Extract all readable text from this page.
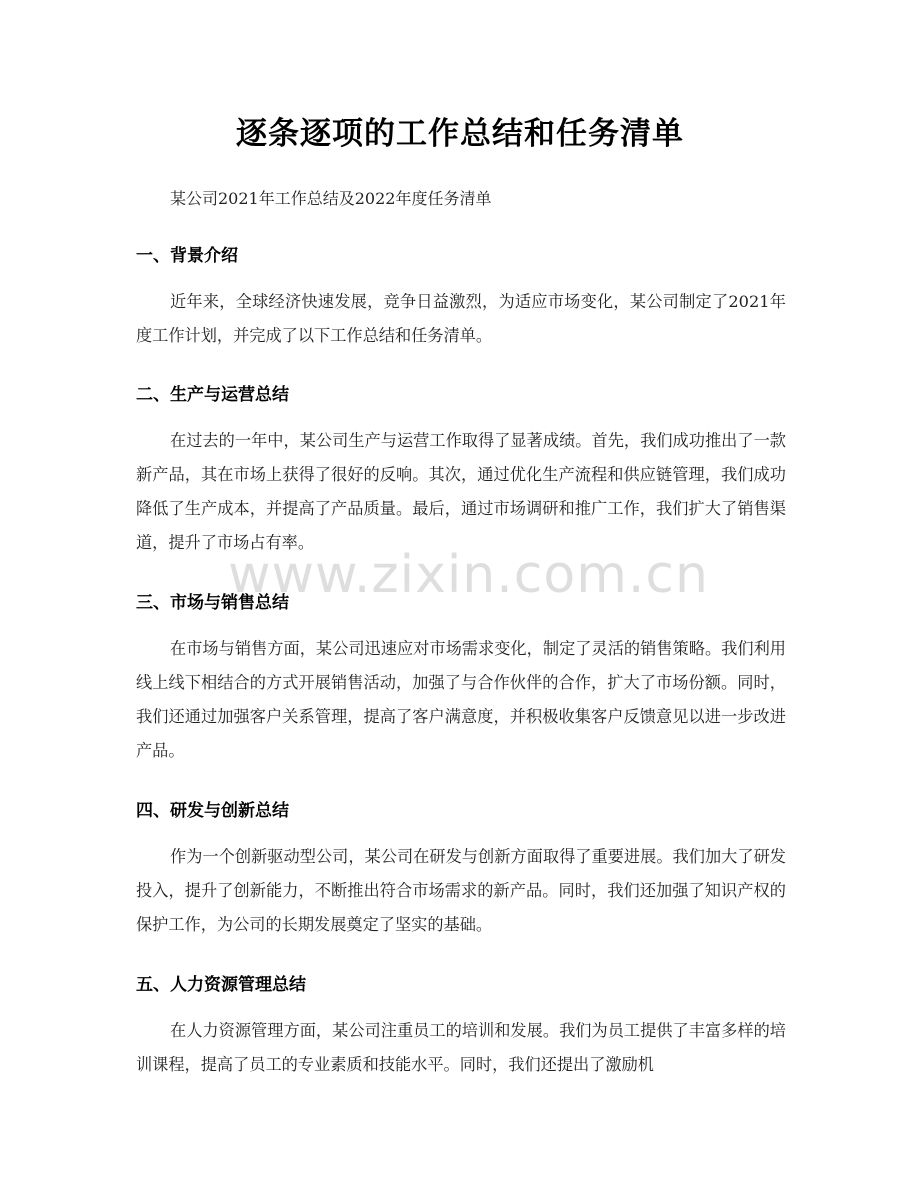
逐条逐项的工作总结和任务清单

某公司2021年工作总结及2022年度任务清单

一、背景介绍

近年来，全球经济快速发展，竞争日益激烈，为适应市场变化，某公司制定了2021年度工作计划，并完成了以下工作总结和任务清单。

二、生产与运营总结

在过去的一年中，某公司生产与运营工作取得了显著成绩。首先，我们成功推出了一款新产品，其在市场上获得了很好的反响。其次，通过优化生产流程和供应链管理，我们成功降低了生产成本，并提高了产品质量。最后，通过市场调研和推广工作，我们扩大了销售渠道，提升了市场占有率。

www.zixin.com.cn
三、市场与销售总结

在市场与销售方面，某公司迅速应对市场需求变化，制定了灵活的销售策略。我们利用线上线下相结合的方式开展销售活动，加强了与合作伙伴的合作，扩大了市场份额。同时，我们还通过加强客户关系管理，提高了客户满意度，并积极收集客户反馈意见以进一步改进产品。

四、研发与创新总结

作为一个创新驱动型公司，某公司在研发与创新方面取得了重要进展。我们加大了研发投入，提升了创新能力，不断推出符合市场需求的新产品。同时，我们还加强了知识产权的保护工作，为公司的长期发展奠定了坚实的基础。

五、人力资源管理总结

在人力资源管理方面，某公司注重员工的培训和发展。我们为员工提供了丰富多样的培训课程，提高了员工的专业素质和技能水平。同时，我们还提出了激励机
